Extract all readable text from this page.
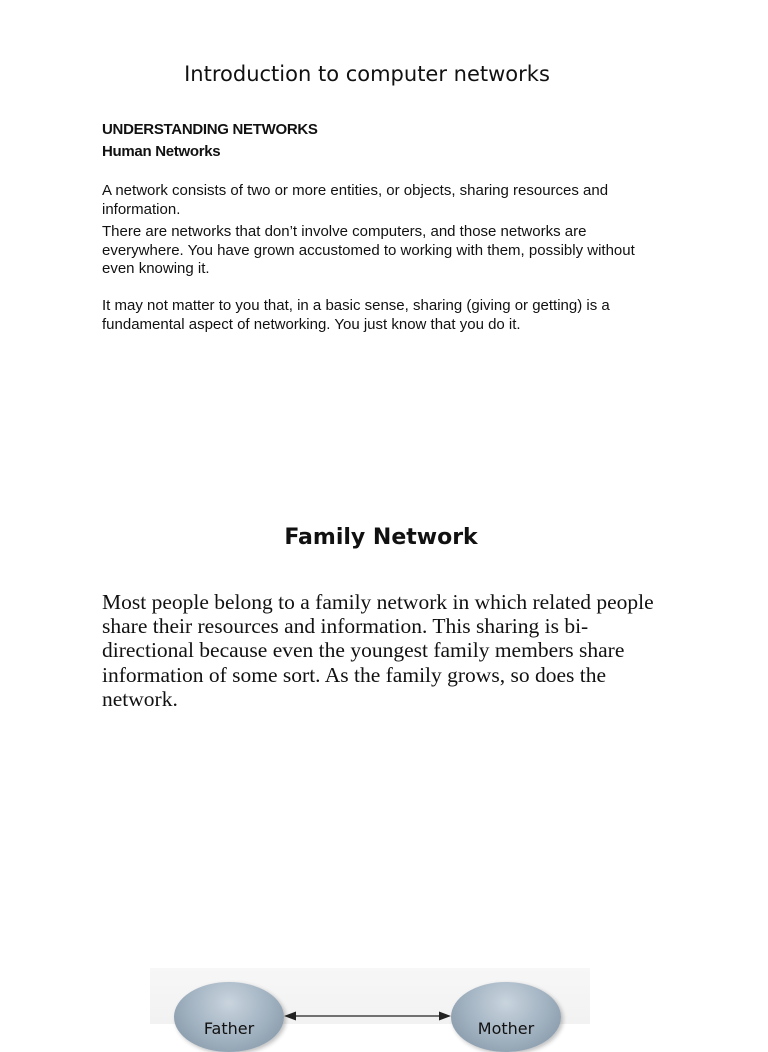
Introduction to computer networks
UNDERSTANDING NETWORKS
Human Networks

A network consists of two or more entities, or objects, sharing resources and information.

There are networks that don’t involve computers, and those networks are everywhere. You have grown accustomed to working with them, possibly without even knowing it.

It may not matter to you that, in a basic sense, sharing (giving or getting) is a fundamental aspect of networking. You just know that you do it.

Family Network

Most people belong to a family network in which related people share their resources and information. This sharing is bi-directional because even the youngest family members share information of some sort. As the family grows, so does the network.

Father	Mother
